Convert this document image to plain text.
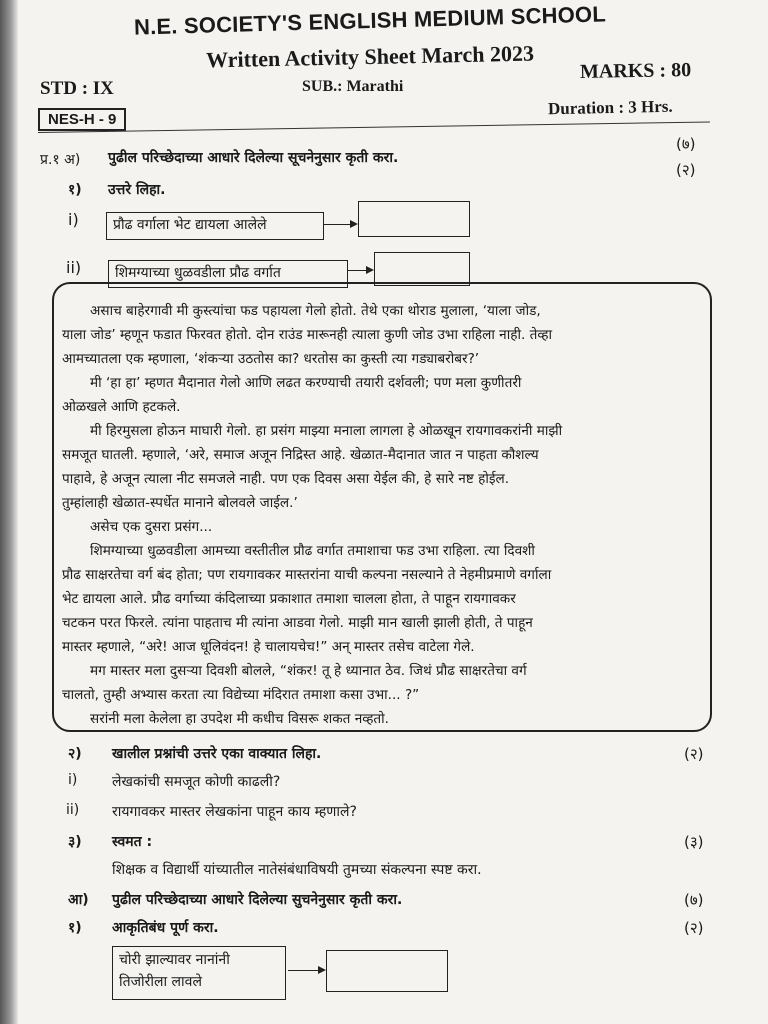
N.E. SOCIETY'S ENGLISH MEDIUM SCHOOL
Written Activity Sheet March 2023
STD : IX	SUB.: Marathi
MARKS : 80
NES-H - 9
Duration : 3 Hrs.
(७)
प्र.१ अ) पुढील परिच्छेदाच्या आधारे दिलेल्या सूचनेनुसार कृती करा.
(२)
१) उत्तरे लिहा.
i)	प्रौढ वर्गाला भेट द्यायला आलेले
ii)	शिमग्याच्या धुळवडीला प्रौढ वर्गात
असाच बाहेरगावी मी कुस्त्यांचा फड पहायला गेलो होतो. तेथे एका थोराड मुलाला, ‘याला जोड,
याला जोड’ म्हणून फडात फिरवत होतो. दोन राउंड मारूनही त्याला कुणी जोड उभा राहिला नाही. तेव्हा
आमच्यातला एक म्हणाला, ‘शंकऱ्या उठतोस का? धरतोस का कुस्ती त्या गड्याबरोबर?’
मी ‘हा हा’ म्हणत मैदानात गेलो आणि लढत करण्याची तयारी दर्शवली; पण मला कुणीतरी
ओळखले आणि हटकले.
मी हिरमुसला होऊन माघारी गेलो. हा प्रसंग माझ्या मनाला लागला हे ओळखून रायगावकरांनी माझी
समजूत घातली. म्हणाले, ‘अरे, समाज अजून निद्रिस्त आहे. खेळात-मैदानात जात न पाहता कौशल्य
पाहावे, हे अजून त्याला नीट समजले नाही. पण एक दिवस असा येईल की, हे सारे नष्ट होईल.
तुम्हांलाही खेळात-स्पर्धेत मानाने बोलवले जाईल.’
असेच एक दुसरा प्रसंग...
शिमग्याच्या धुळवडीला आमच्या वस्तीतील प्रौढ वर्गात तमाशाचा फड उभा राहिला. त्या दिवशी
प्रौढ साक्षरतेचा वर्ग बंद होता; पण रायगावकर मास्तरांना याची कल्पना नसल्याने ते नेहमीप्रमाणे वर्गाला
भेट द्यायला आले. प्रौढ वर्गाच्या कंदिलाच्या प्रकाशात तमाशा चालला होता, ते पाहून रायगावकर
चटकन परत फिरले. त्यांना पाहताच मी त्यांना आडवा गेलो. माझी मान खाली झाली होती, ते पाहून
मास्तर म्हणाले, “अरे! आज धूलिवंदन! हे चालायचेच!” अन् मास्तर तसेच वाटेला गेले.
मग मास्तर मला दुसऱ्या दिवशी बोलले, “शंकर! तू हे ध्यानात ठेव. जिथं प्रौढ साक्षरतेचा वर्ग
चालतो, तुम्ही अभ्यास करता त्या विद्येच्या मंदिरात तमाशा कसा उभा... ?”
सरांनी मला केलेला हा उपदेश मी कधीच विसरू शकत नव्हतो.
२) खालील प्रश्नांची उत्तरे एका वाक्यात लिहा.	(२)
i) लेखकांची समजूत कोणी काढली?
ii) रायगावकर मास्तर लेखकांना पाहून काय म्हणाले?
३) स्वमत :	(३)
शिक्षक व विद्यार्थी यांच्यातील नातेसंबंधाविषयी तुमच्या संकल्पना स्पष्ट करा.
आ) पुढील परिच्छेदाच्या आधारे दिलेल्या सुचनेनुसार कृती करा.	(७)
१) आकृतिबंध पूर्ण करा.	(२)
चोरी झाल्यावर नानांनी
तिजोरीला लावले
